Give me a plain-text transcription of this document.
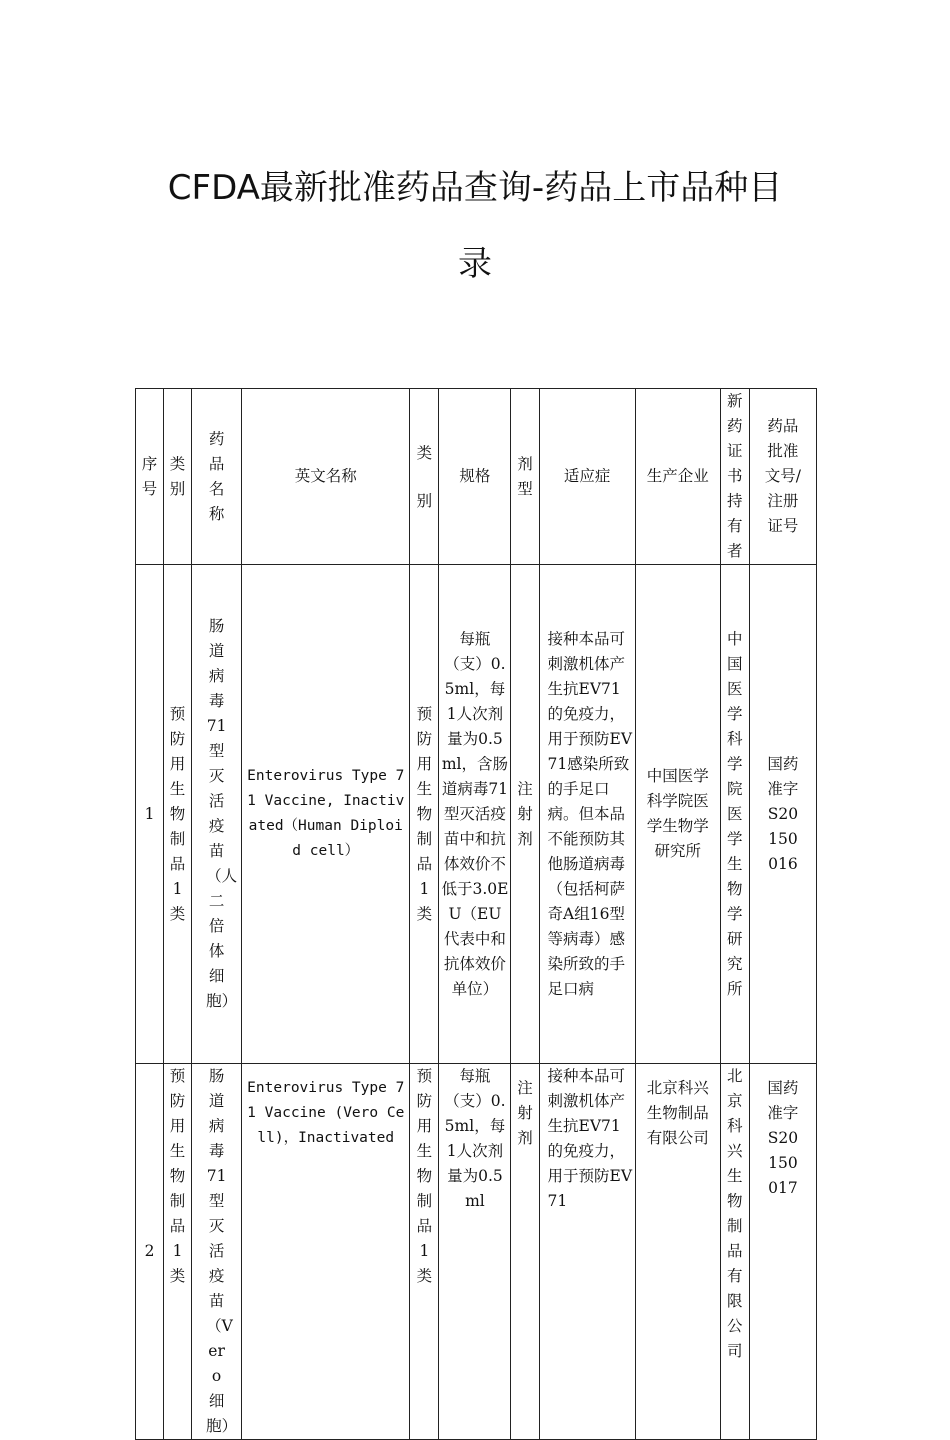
CFDA最新批准药品查询-药品上市品种目
录
序号	类别	药品名称	英文名称	类别	规格	剂型	适应症	生产企业	新药证书持有者	药品批准文号/注册证号
1	预防用生物制品1类	肠道病毒71型灭活疫苗（人二倍体细胞）	Enterovirus Type 71 Vaccine, Inactivated（Human Diploid cell）	预防用生物制品1类	每瓶（支）0.5ml，每1人次剂量为0.5ml，含肠道病毒71型灭活疫苗中和抗体效价不低于3.0EU（EU代表中和抗体效价单位）	注射剂	接种本品可刺激机体产生抗EV71的免疫力，用于预防EV71感染所致的手足口病。但本品不能预防其他肠道病毒（包括柯萨奇A组16型等病毒）感染所致的手足口病	中国医学科学院医学生物学研究所	中国医学科学院医学生物学研究所	国药准字S20150016
2	预防用生物制品1类	肠道病毒71型灭活疫苗（Vero细胞）	Enterovirus Type 71 Vaccine (Vero Cell)，Inactivated	预防用生物制品1类	每瓶（支）0.5ml，每1人次剂量为0.5ml	注射剂	接种本品可刺激机体产生抗EV71的免疫力，用于预防EV71	北京科兴生物制品有限公司	北京科兴生物制品有限公司	国药准字S20150017
